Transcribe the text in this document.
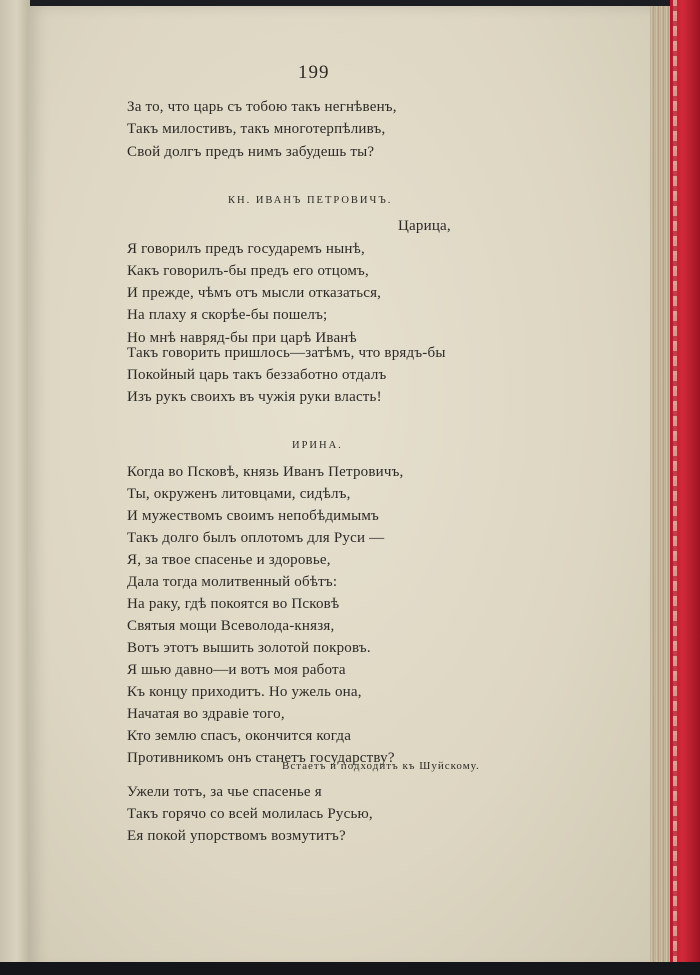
199
За то, что царь съ тобою такъ негнѣвенъ,
Такъ милостивъ, такъ многотерпѣливъ,
Свой долгъ предъ нимъ забудешь ты?
КН. ИВАНЪ ПЕТРОВИЧЪ.
Царица,
Я говорилъ предъ государемъ нынѣ,
Какъ говорилъ-бы предъ его отцомъ,
И прежде, чѣмъ отъ мысли отказаться,
На плаху я скорѣе-бы пошелъ;
Но мнѣ навряд-бы при царѣ Иванѣ
Такъ говорить пришлось—затѣмъ, что врядъ-бы
Покойный царь такъ беззаботно отдалъ
Изъ рукъ своихъ въ чужія руки власть!
ИРИНА.
Когда во Псковѣ, князь Иванъ Петровичъ,
Ты, окруженъ литовцами, сидѣлъ,
И мужествомъ своимъ непобѣдимымъ
Такъ долго былъ оплотомъ для Руси —
Я, за твое спасенье и здоровье,
Дала тогда молитвенный обѣтъ:
На раку, гдѣ покоятся во Псковѣ
Святыя мощи Всеволода-князя,
Вотъ этотъ вышить золотой покровъ.
Я шью давно—и вотъ моя работа
Къ концу приходитъ. Но ужель она,
Начатая во здравіе того,
Кто землю спасъ, окончится когда
Противникомъ онъ станетъ государству?
Встаетъ и подходитъ къ Шуйскому.
Ужели тотъ, за чье спасенье я
Такъ горячо со всей молилась Русью,
Ея покой упорствомъ возмутитъ?
